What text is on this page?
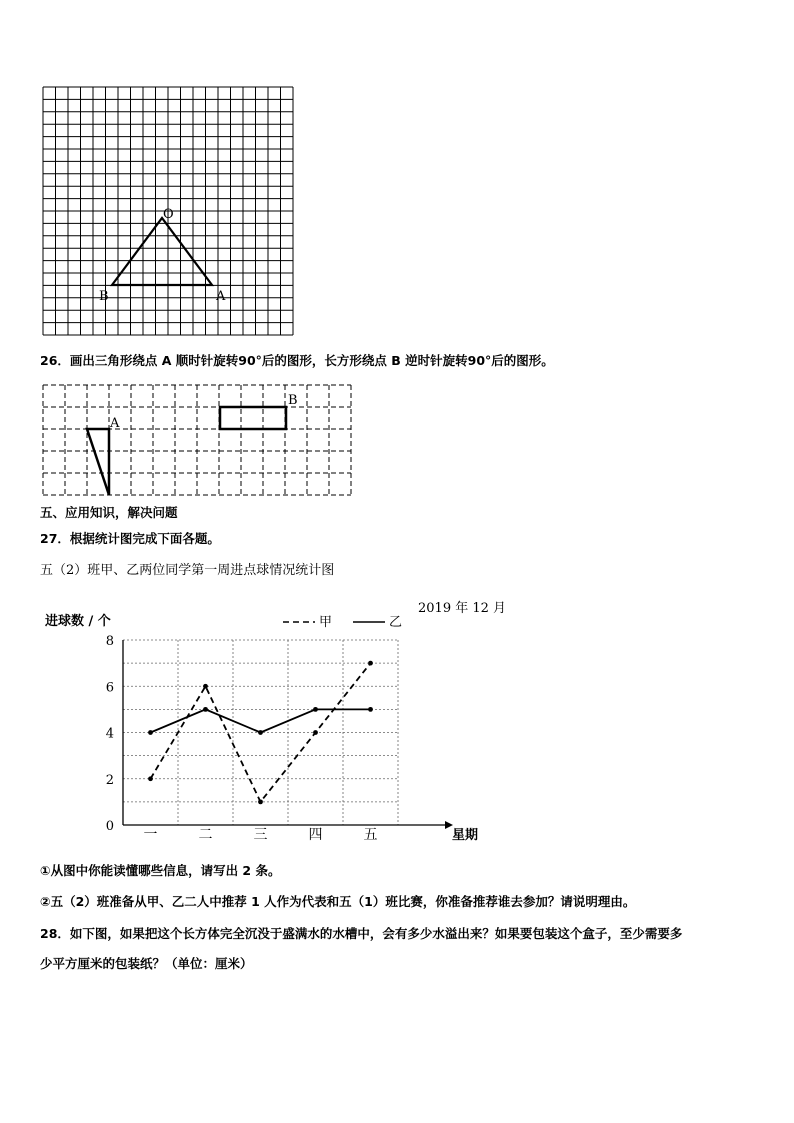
O
B	A
26．画出三角形绕点 A 顺时针旋转90°后的图形，长方形绕点 B 逆时针旋转90°后的图形。
A
B
五、应用知识，解决问题
27．根据统计图完成下面各题。
五（2）班甲、乙两位同学第一周进点球情况统计图
0
2
4
6
8
一	二	三	四	五
进球数 / 个
星期
2019 年 12 月
甲	乙
①从图中你能读懂哪些信息，请写出 2 条。
②五（2）班准备从甲、乙二人中推荐 1 人作为代表和五（1）班比赛，你准备推荐谁去参加？请说明理由。
28．如下图，如果把这个长方体完全沉没于盛满水的水槽中，会有多少水溢出来？如果要包装这个盒子，至少需要多
少平方厘米的包装纸？（单位：厘米）
